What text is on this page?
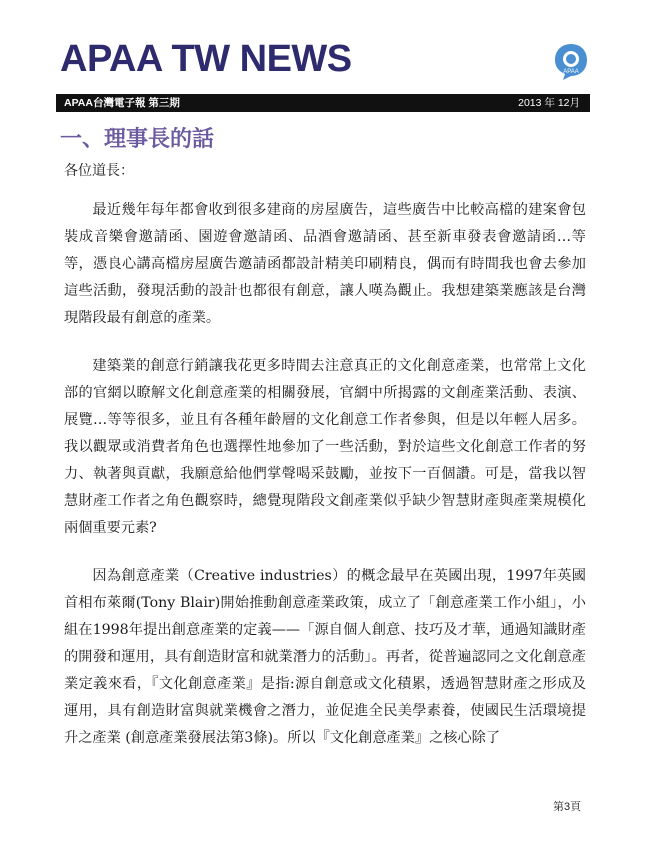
APAA TW NEWS	APAA
APAA台灣電子報 第三期	2013 年 12月
一、理事長的話
各位道長：

最近幾年每年都會收到很多建商的房屋廣告，這些廣告中比較高檔的建案會包裝成音樂會邀請函、園遊會邀請函、品酒會邀請函、甚至新車發表會邀請函…等等，憑良心講高檔房屋廣告邀請函都設計精美印刷精良，偶而有時間我也會去參加這些活動，發現活動的設計也都很有創意，讓人嘆為觀止。我想建築業應該是台灣現階段最有創意的產業。

建築業的創意行銷讓我花更多時間去注意真正的文化創意產業，也常常上文化部的官網以瞭解文化創意產業的相關發展，官網中所揭露的文創產業活動、表演、展覽…等等很多，並且有各種年齡層的文化創意工作者參與，但是以年輕人居多。我以觀眾或消費者角色也選擇性地參加了一些活動，對於這些文化創意工作者的努力、執著與貢獻，我願意給他們掌聲喝采鼓勵，並按下一百個讚。可是，當我以智慧財產工作者之角色觀察時，總覺現階段文創產業似乎缺少智慧財產與產業規模化兩個重要元素?

因為創意產業（Creative industries）的概念最早在英國出現，1997年英國首相布萊爾(Tony Blair)開始推動創意產業政策，成立了「創意產業工作小組」，小組在1998年提出創意產業的定義——「源自個人創意、技巧及才華，通過知識財產的開發和運用，具有創造財富和就業潛力的活動」。再者，從普遍認同之文化創意產業定義來看，『文化創意產業』是指:源自創意或文化積累，透過智慧財產之形成及運用，具有創造財富與就業機會之潛力，並促進全民美學素養，使國民生活環境提升之產業 (創意產業發展法第3條)。所以『文化創意產業』之核心除了

第3頁
